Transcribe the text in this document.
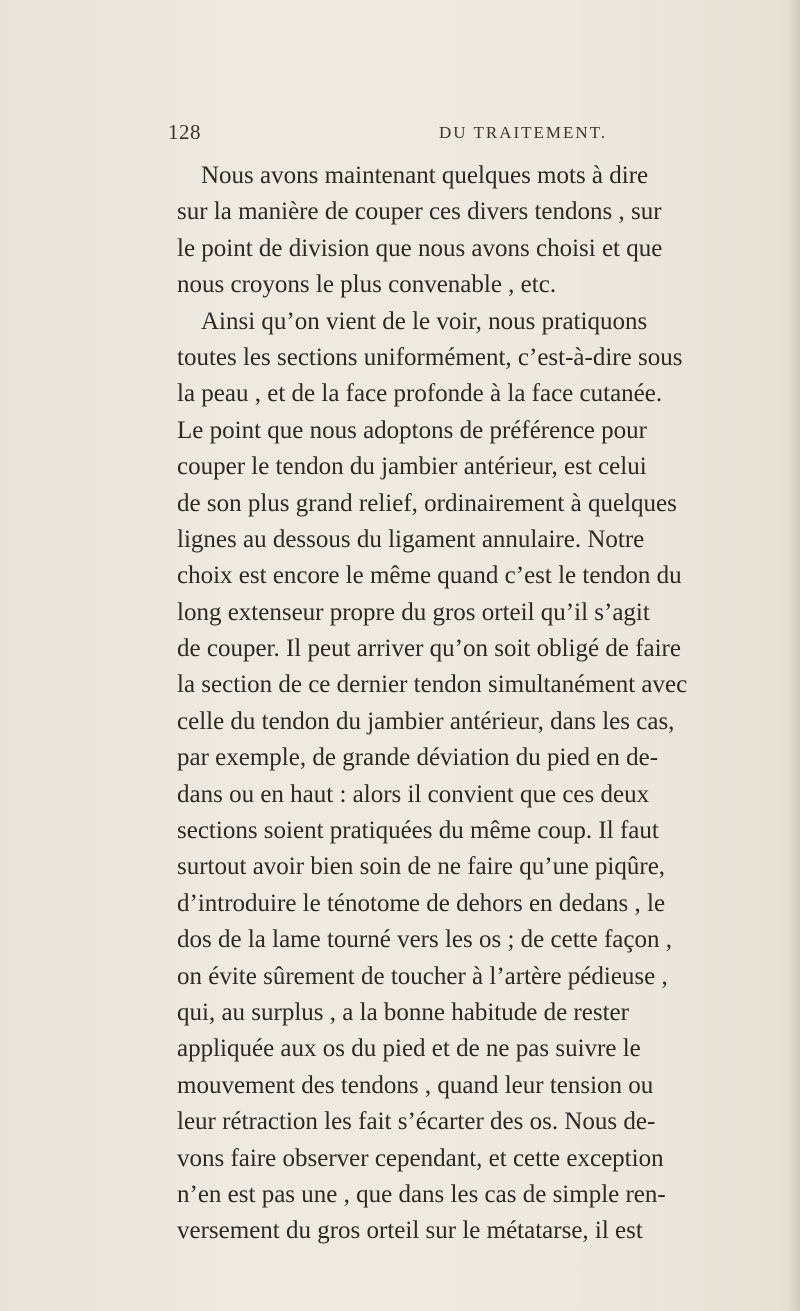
128	DU TRAITEMENT.
Nous avons maintenant quelques mots à dire
sur la manière de couper ces divers tendons , sur
le point de division que nous avons choisi et que
nous croyons le plus convenable , etc.
Ainsi qu’on vient de le voir, nous pratiquons
toutes les sections uniformément, c’est-à-dire sous
la peau , et de la face profonde à la face cutanée.
Le point que nous adoptons de préférence pour
couper le tendon du jambier antérieur, est celui
de son plus grand relief, ordinairement à quelques
lignes au dessous du ligament annulaire. Notre
choix est encore le même quand c’est le tendon du
long extenseur propre du gros orteil qu’il s’agit
de couper. Il peut arriver qu’on soit obligé de faire
la section de ce dernier tendon simultanément avec
celle du tendon du jambier antérieur, dans les cas,
par exemple, de grande déviation du pied en de-
dans ou en haut : alors il convient que ces deux
sections soient pratiquées du même coup. Il faut
surtout avoir bien soin de ne faire qu’une piqûre,
d’introduire le ténotome de dehors en dedans , le
dos de la lame tourné vers les os ; de cette façon ,
on évite sûrement de toucher à l’artère pédieuse ,
qui, au surplus , a la bonne habitude de rester
appliquée aux os du pied et de ne pas suivre le
mouvement des tendons , quand leur tension ou
leur rétraction les fait s’écarter des os. Nous de-
vons faire observer cependant, et cette exception
n’en est pas une , que dans les cas de simple ren-
versement du gros orteil sur le métatarse, il est
